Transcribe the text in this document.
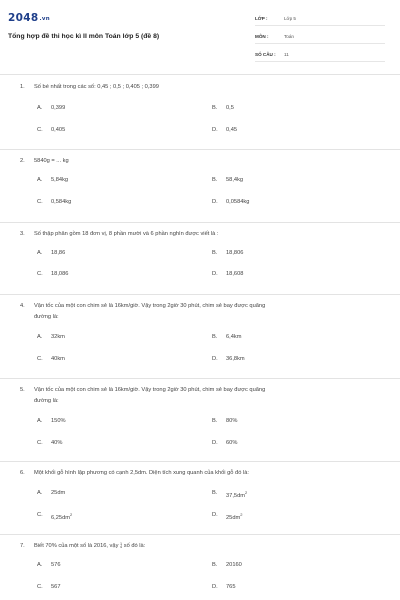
2048.vn
Tổng hợp đề thi học kì II môn Toán lớp 5 (đề 8)
LỚP :	Lớp 5
MÔN :	Toán
SỐ CÂU : 11
1. Số bé nhất trong các số: 0,45 ; 0,5 ; 0,405 ; 0,399
A. 0,399	B. 0,5
C. 0,405	D. 0,45
2. 5840g = ... kg
A. 5,84kg	B. 58,4kg
C. 0,584kg	D. 0,0584kg
3. Số thập phân gồm 18 đơn vị, 8 phần mười và 6 phần nghìn được viết là :
A. 18,86	B. 18,806
C. 18,086	D. 18,608
4. Vận tốc của một con chim sẻ là 16km/giờ. Vậy trong 2giờ 30 phút, chim sẻ bay được quãng
đường là:
A. 32km	B. 6,4km
C. 40km	D. 36,8km
5. Vận tốc của một con chim sẻ là 16km/giờ. Vậy trong 2giờ 30 phút, chim sẻ bay được quãng
đường là:
A. 150%	B. 80%
C. 40%	D. 60%
6. Một khối gỗ hình lập phương có cạnh 2,5dm. Diện tích xung quanh của khối gỗ đó là:
A. 25dm	B. $37,5dm^2$
C. $6,25dm^2$	D. $25dm^2$
7. Biết 70% của một số là 2016, vậy 1
4 số đó là:
A. 576	B. 20160
C. 567	D. 765
